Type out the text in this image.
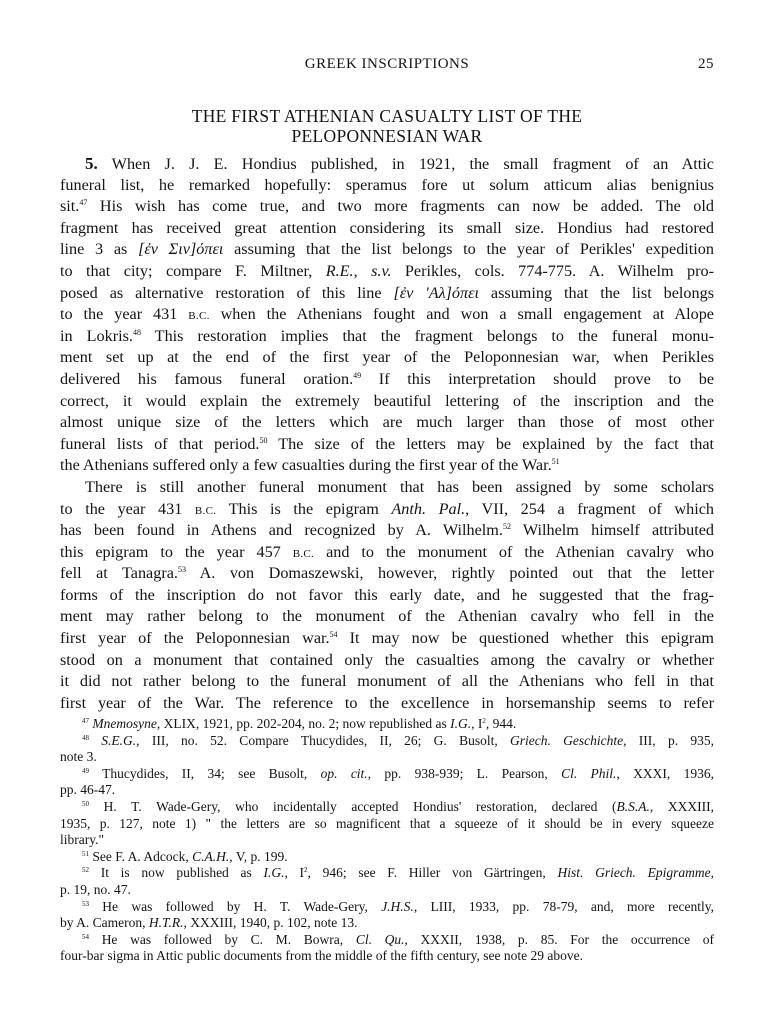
GREEK INSCRIPTIONS	25
THE FIRST ATHENIAN CASUALTY LIST OF THE
PELOPONNESIAN WAR
5. When J. J. E. Hondius published, in 1921, the small fragment of an Attic
funeral list, he remarked hopefully: speramus fore ut solum atticum alias benignius
sit.$^{47}$ His wish has come true, and two more fragments can now be added. The old
fragment has received great attention considering its small size. Hondius had restored
line 3 as [ἐν Σιν]όπει assuming that the list belongs to the year of Perikles' expedition
to that city; compare F. Miltner, R.E., s.v. Perikles, cols. 774-775. A. Wilhelm pro-
posed as alternative restoration of this line [ἐν 'Αλ]όπει assuming that the list belongs
to the year 431 B.C. when the Athenians fought and won a small engagement at Alope
in Lokris.$^{48}$ This restoration implies that the fragment belongs to the funeral monu-
ment set up at the end of the first year of the Peloponnesian war, when Perikles
delivered his famous funeral oration.$^{49}$ If this interpretation should prove to be
correct, it would explain the extremely beautiful lettering of the inscription and the
almost unique size of the letters which are much larger than those of most other
funeral lists of that period.$^{50}$ The size of the letters may be explained by the fact that
the Athenians suffered only a few casualties during the first year of the War.$^{51}$
There is still another funeral monument that has been assigned by some scholars
to the year 431 B.C. This is the epigram Anth. Pal., VII, 254 a fragment of which
has been found in Athens and recognized by A. Wilhelm.$^{52}$ Wilhelm himself attributed
this epigram to the year 457 B.C. and to the monument of the Athenian cavalry who
fell at Tanagra.$^{53}$ A. von Domaszewski, however, rightly pointed out that the letter
forms of the inscription do not favor this early date, and he suggested that the frag-
ment may rather belong to the monument of the Athenian cavalry who fell in the
first year of the Peloponnesian war.$^{54}$ It may now be questioned whether this epigram
stood on a monument that contained only the casualties among the cavalry or whether
it did not rather belong to the funeral monument of all the Athenians who fell in that
first year of the War. The reference to the excellence in horsemanship seems to refer
$^{47}$ Mnemosyne, XLIX, 1921, pp. 202-204, no. 2; now republished as I.G., $I^2$, 944.
$^{48}$ S.E.G., III, no. 52. Compare Thucydides, II, 26; G. Busolt, Griech. Geschichte, III, p. 935,
note 3.
$^{49}$ Thucydides, II, 34; see Busolt, op. cit., pp. 938-939; L. Pearson, Cl. Phil., XXXI, 1936,
pp. 46-47.
$^{50}$ H. T. Wade-Gery, who incidentally accepted Hondius' restoration, declared (B.S.A., XXXIII,
1935, p. 127, note 1) " the letters are so magnificent that a squeeze of it should be in every squeeze
library."
$^{51}$ See F. A. Adcock, C.A.H., V, p. 199.
$^{52}$ It is now published as I.G., $I^2$, 946; see F. Hiller von Gärtringen, Hist. Griech. Epigramme,
p. 19, no. 47.
$^{53}$ He was followed by H. T. Wade-Gery, J.H.S., LIII, 1933, pp. 78-79, and, more recently,
by A. Cameron, H.T.R., XXXIII, 1940, p. 102, note 13.
$^{54}$ He was followed by C. M. Bowra, Cl. Qu., XXXII, 1938, p. 85. For the occurrence of
four-bar sigma in Attic public documents from the middle of the fifth century, see note 29 above.
